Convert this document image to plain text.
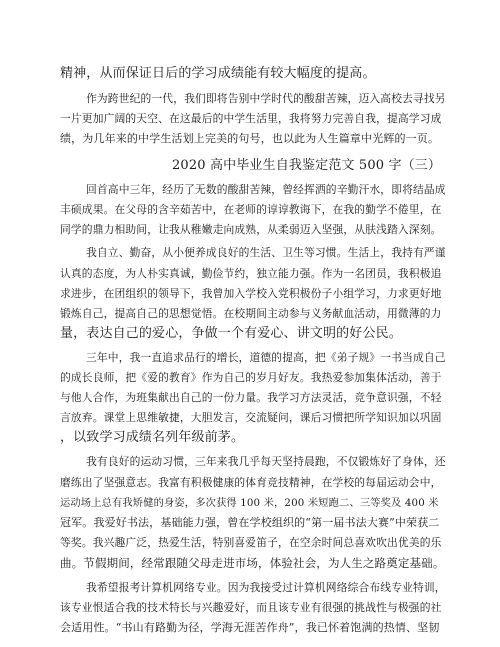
精神，从而保证日后的学习成绩能有较大幅度的提高。
作为跨世纪的一代，我们即将告别中学时代的酸甜苦辣，迈入高校去寻找另
一片更加广阔的天空、在这最后的中学生活里，我将努力完善自我，提高学习成
绩，为几年来的中学生活划上完美的句号，也以此为人生篇章中光辉的一页。
2020 高中毕业生自我鉴定范文 500 字（三）
回首高中三年，经历了无数的酸甜苦辣，曾经挥洒的辛勤汗水，即将结晶成
丰硕成果。在父母的含辛茹苦中，在老师的谆谆教诲下，在我的勤学不倦里，在
同学的鼎力相助间，让我从稚嫩走向成熟，从柔弱迈入坚强，从肤浅踏入深刻。
我自立、勤奋，从小便养成良好的生活、卫生等习惯。生活上，我持有严谨
认真的态度，为人朴实真诚，勤俭节约，独立能力强。作为一名团员，我积极追
求进步，在团组织的领导下，我曾加入学校入党积极份子小组学习，力求更好地
锻炼自己，提高自己的思想觉悟。在校期间主动参与义务献血活动，用微薄的力
量，表达自己的爱心，争做一个有爱心、讲文明的好公民。
三年中，我一直追求品行的增长，道德的提高，把《弟子规》一书当成自己
的成长良师，把《爱的教育》作为自己的岁月好友。我热爱参加集体活动，善于
与他人合作，为班集献出自己的一份力量。我学习方法灵活，竞争意识强，不轻
言放弃。课堂上思维敏捷，大胆发言，交流疑问，课后习惯把所学知识加以巩固
，以致学习成绩名列年级前茅。
我有良好的运动习惯，三年来我几乎每天坚持晨跑，不仅锻炼好了身体，还
磨练出了坚强意志。我富有积极健康的体育竞技精神，在学校的每届运动会中，
运动场上总有我矫健的身姿，多次获得 100 米，200 米短跑二、三等奖及 400 米
冠军。我爱好书法，基础能力强，曾在学校组织的“第一届书法大赛”中荣获二
等奖。我兴趣广泛，热爱生活，特别喜爱笛子，在空余时间总喜欢吹出优美的乐
曲。节假期间，经常跟随父母走进市场，体验社会，为人生之路奠定基础。
我希望报考计算机网络专业。因为我接受过计算机网络综合布线专业特训，
该专业恨适合我的技术特长与兴趣爱好，而且该专业有很强的挑战性与极强的社
会适用性。“书山有路勤为径，学海无涯苦作舟”，我已怀着饱满的热情、坚韧
